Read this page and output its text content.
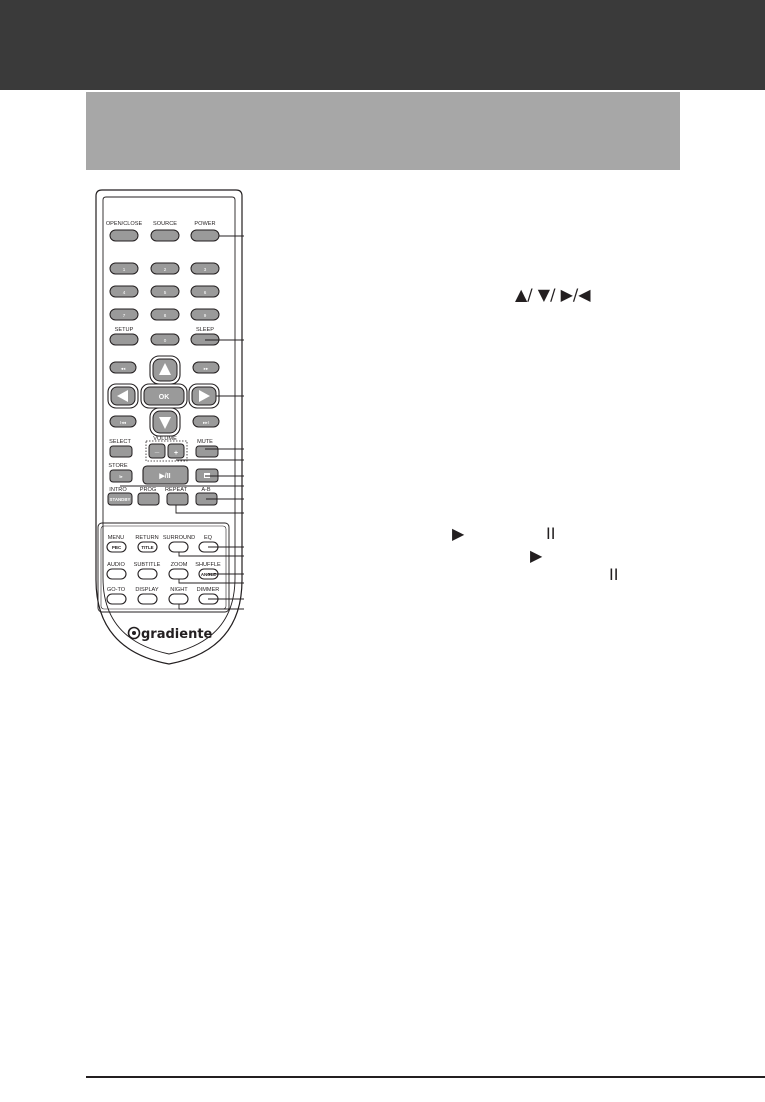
OPEN/CLOSE SOURCE	POWER
1	2	3
4	5	6
7	8	9
SETUP	SLEEP
0
◂◂	▸▸
I◂◂	▸▸I
OK
SELECT	VOLUME	MUTE
— +
STORE
I▸	▶/II
INTRO PROG REPEAT	A-B
STANDBY
MENU RETURN SURROUND EQ
PBC	TITLE
AUDIO SUBTITLE ZOOM SHUFFLE
ANGLE
GO-TO DISPLAY NIGHT DIMMER
gradiente
▲/ ▼/ ▶/◀
▶	II
▶
II
